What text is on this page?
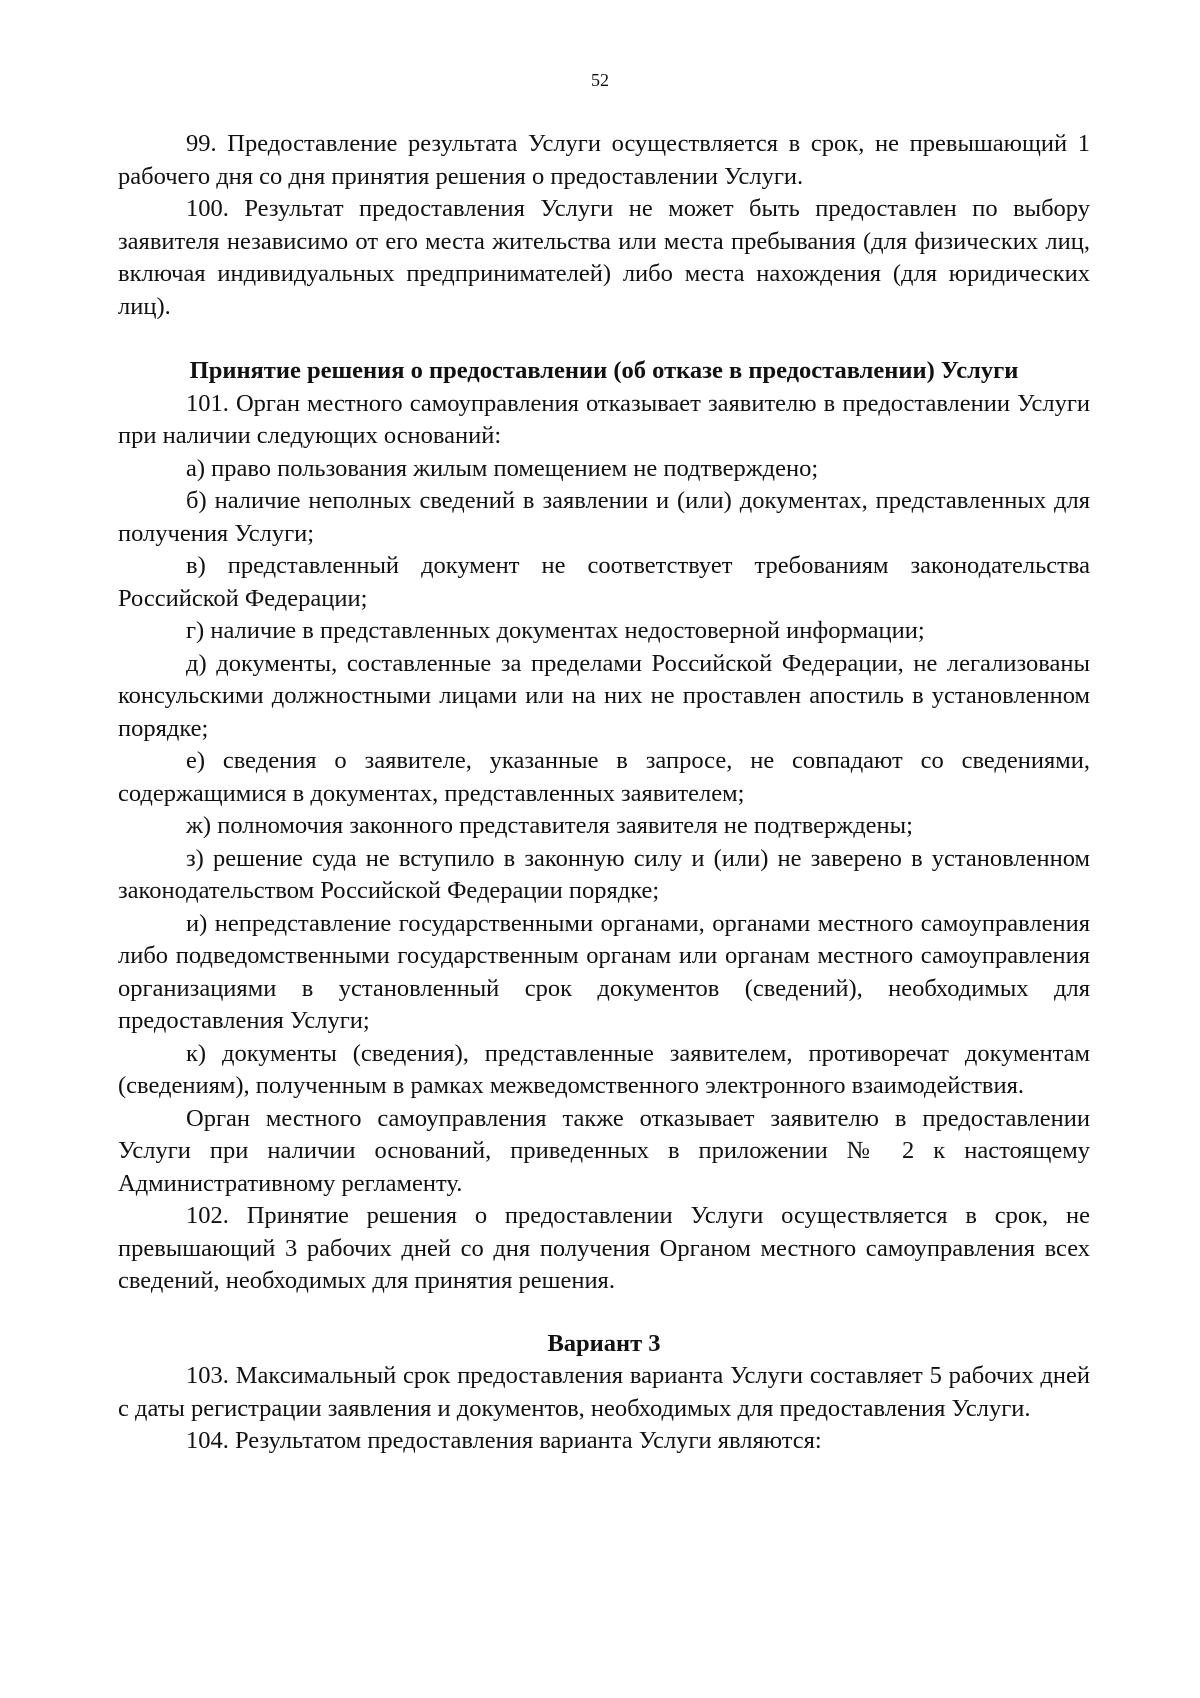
52

99. Предоставление результата Услуги осуществляется в срок, не превышающий 1 рабочего дня со дня принятия решения о предоставлении Услуги.

100. Результат предоставления Услуги не может быть предоставлен по выбору заявителя независимо от его места жительства или места пребывания (для физических лиц, включая индивидуальных предпринимателей) либо места нахождения (для юридических лиц).

Принятие решения о предоставлении (об отказе в предоставлении) Услуги

101. Орган местного самоуправления отказывает заявителю в предоставлении Услуги при наличии следующих оснований:

а) право пользования жилым помещением не подтверждено;

б) наличие неполных сведений в заявлении и (или) документах, представленных для получения Услуги;

в) представленный документ не соответствует требованиям законодательства Российской Федерации;

г) наличие в представленных документах недостоверной информации;

д) документы, составленные за пределами Российской Федерации, не легализованы консульскими должностными лицами или на них не проставлен апостиль в установленном порядке;

е) сведения о заявителе, указанные в запросе, не совпадают со сведениями, содержащимися в документах, представленных заявителем;

ж) полномочия законного представителя заявителя не подтверждены;

з) решение суда не вступило в законную силу и (или) не заверено в установленном законодательством Российской Федерации порядке;

и) непредставление государственными органами, органами местного самоуправления либо подведомственными государственным органам или органам местного самоуправления организациями в установленный срок документов (сведений), необходимых для предоставления Услуги;

к) документы (сведения), представленные заявителем, противоречат документам (сведениям), полученным в рамках межведомственного электронного взаимодействия.

Орган местного самоуправления также отказывает заявителю в предоставлении Услуги при наличии оснований, приведенных в приложении № 2 к настоящему Административному регламенту.

102. Принятие решения о предоставлении Услуги осуществляется в срок, не превышающий 3 рабочих дней со дня получения Органом местного самоуправления всех сведений, необходимых для принятия решения.

Вариант 3

103. Максимальный срок предоставления варианта Услуги составляет 5 рабочих дней с даты регистрации заявления и документов, необходимых для предоставления Услуги.

104. Результатом предоставления варианта Услуги являются:
